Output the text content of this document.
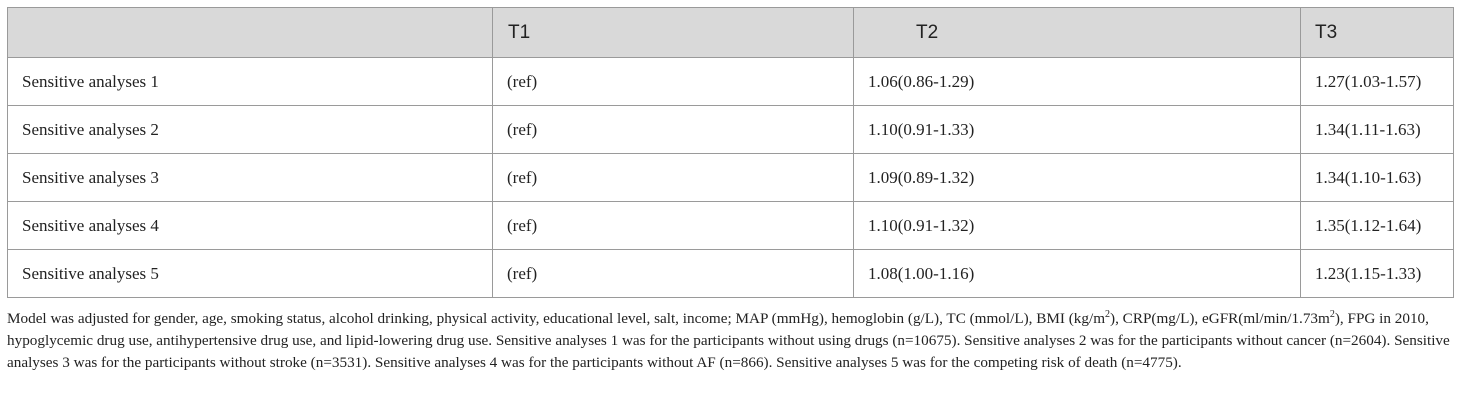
	T1	T2	T3
Sensitive analyses 1	(ref)	1.06(0.86-1.29)	1.27(1.03-1.57)
Sensitive analyses 2	(ref)	1.10(0.91-1.33)	1.34(1.11-1.63)
Sensitive analyses 3	(ref)	1.09(0.89-1.32)	1.34(1.10-1.63)
Sensitive analyses 4	(ref)	1.10(0.91-1.32)	1.35(1.12-1.64)
Sensitive analyses 5	(ref)	1.08(1.00-1.16)	1.23(1.15-1.33)
Model was adjusted for gender, age, smoking status, alcohol drinking, physical activity, educational level, salt, income; MAP (mmHg), hemoglobin (g/L), TC (mmol/L), BMI $(kg/m^2)$, CRP(mg/L), $eGFR(ml/\min/1.73m^2)$, FPG in 2010, hypoglycemic drug use, antihypertensive drug use, and lipid-lowering drug use. Sensitive analyses 1 was for the participants without using drugs (n=10675). Sensitive analyses 2 was for the participants without cancer (n=2604). Sensitive analyses 3 was for the participants without stroke (n=3531). Sensitive analyses 4 was for the participants without AF (n=866). Sensitive analyses 5 was for the competing risk of death (n=4775).
